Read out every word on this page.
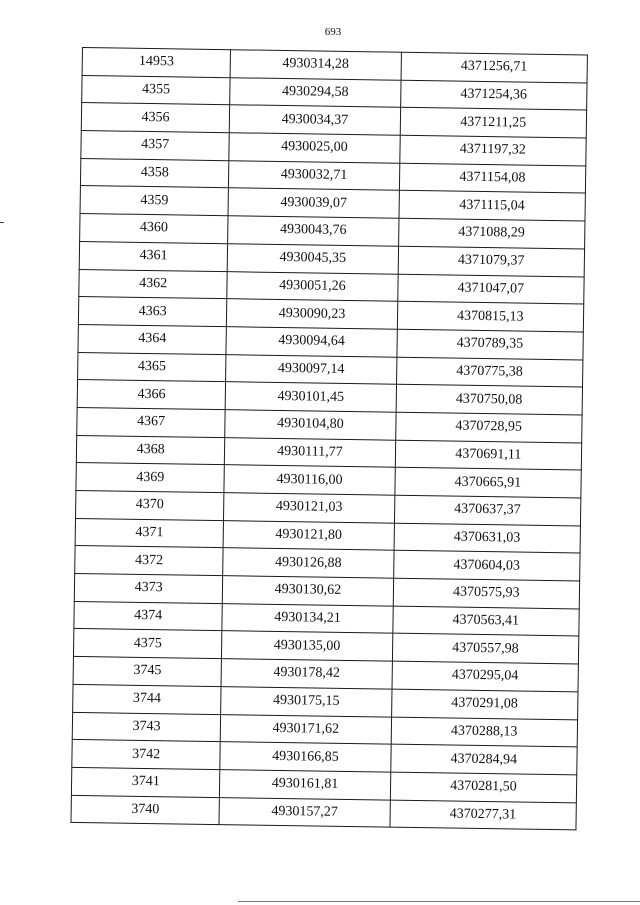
693
14953	4930314,28	4371256,71
4355	4930294,58	4371254,36
4356	4930034,37	4371211,25
4357	4930025,00	4371197,32
4358	4930032,71	4371154,08
4359	4930039,07	4371115,04
4360	4930043,76	4371088,29
4361	4930045,35	4371079,37
4362	4930051,26	4371047,07
4363	4930090,23	4370815,13
4364	4930094,64	4370789,35
4365	4930097,14	4370775,38
4366	4930101,45	4370750,08
4367	4930104,80	4370728,95
4368	4930111,77	4370691,11
4369	4930116,00	4370665,91
4370	4930121,03	4370637,37
4371	4930121,80	4370631,03
4372	4930126,88	4370604,03
4373	4930130,62	4370575,93
4374	4930134,21	4370563,41
4375	4930135,00	4370557,98
3745	4930178,42	4370295,04
3744	4930175,15	4370291,08
3743	4930171,62	4370288,13
3742	4930166,85	4370284,94
3741	4930161,81	4370281,50
3740	4930157,27	4370277,31
